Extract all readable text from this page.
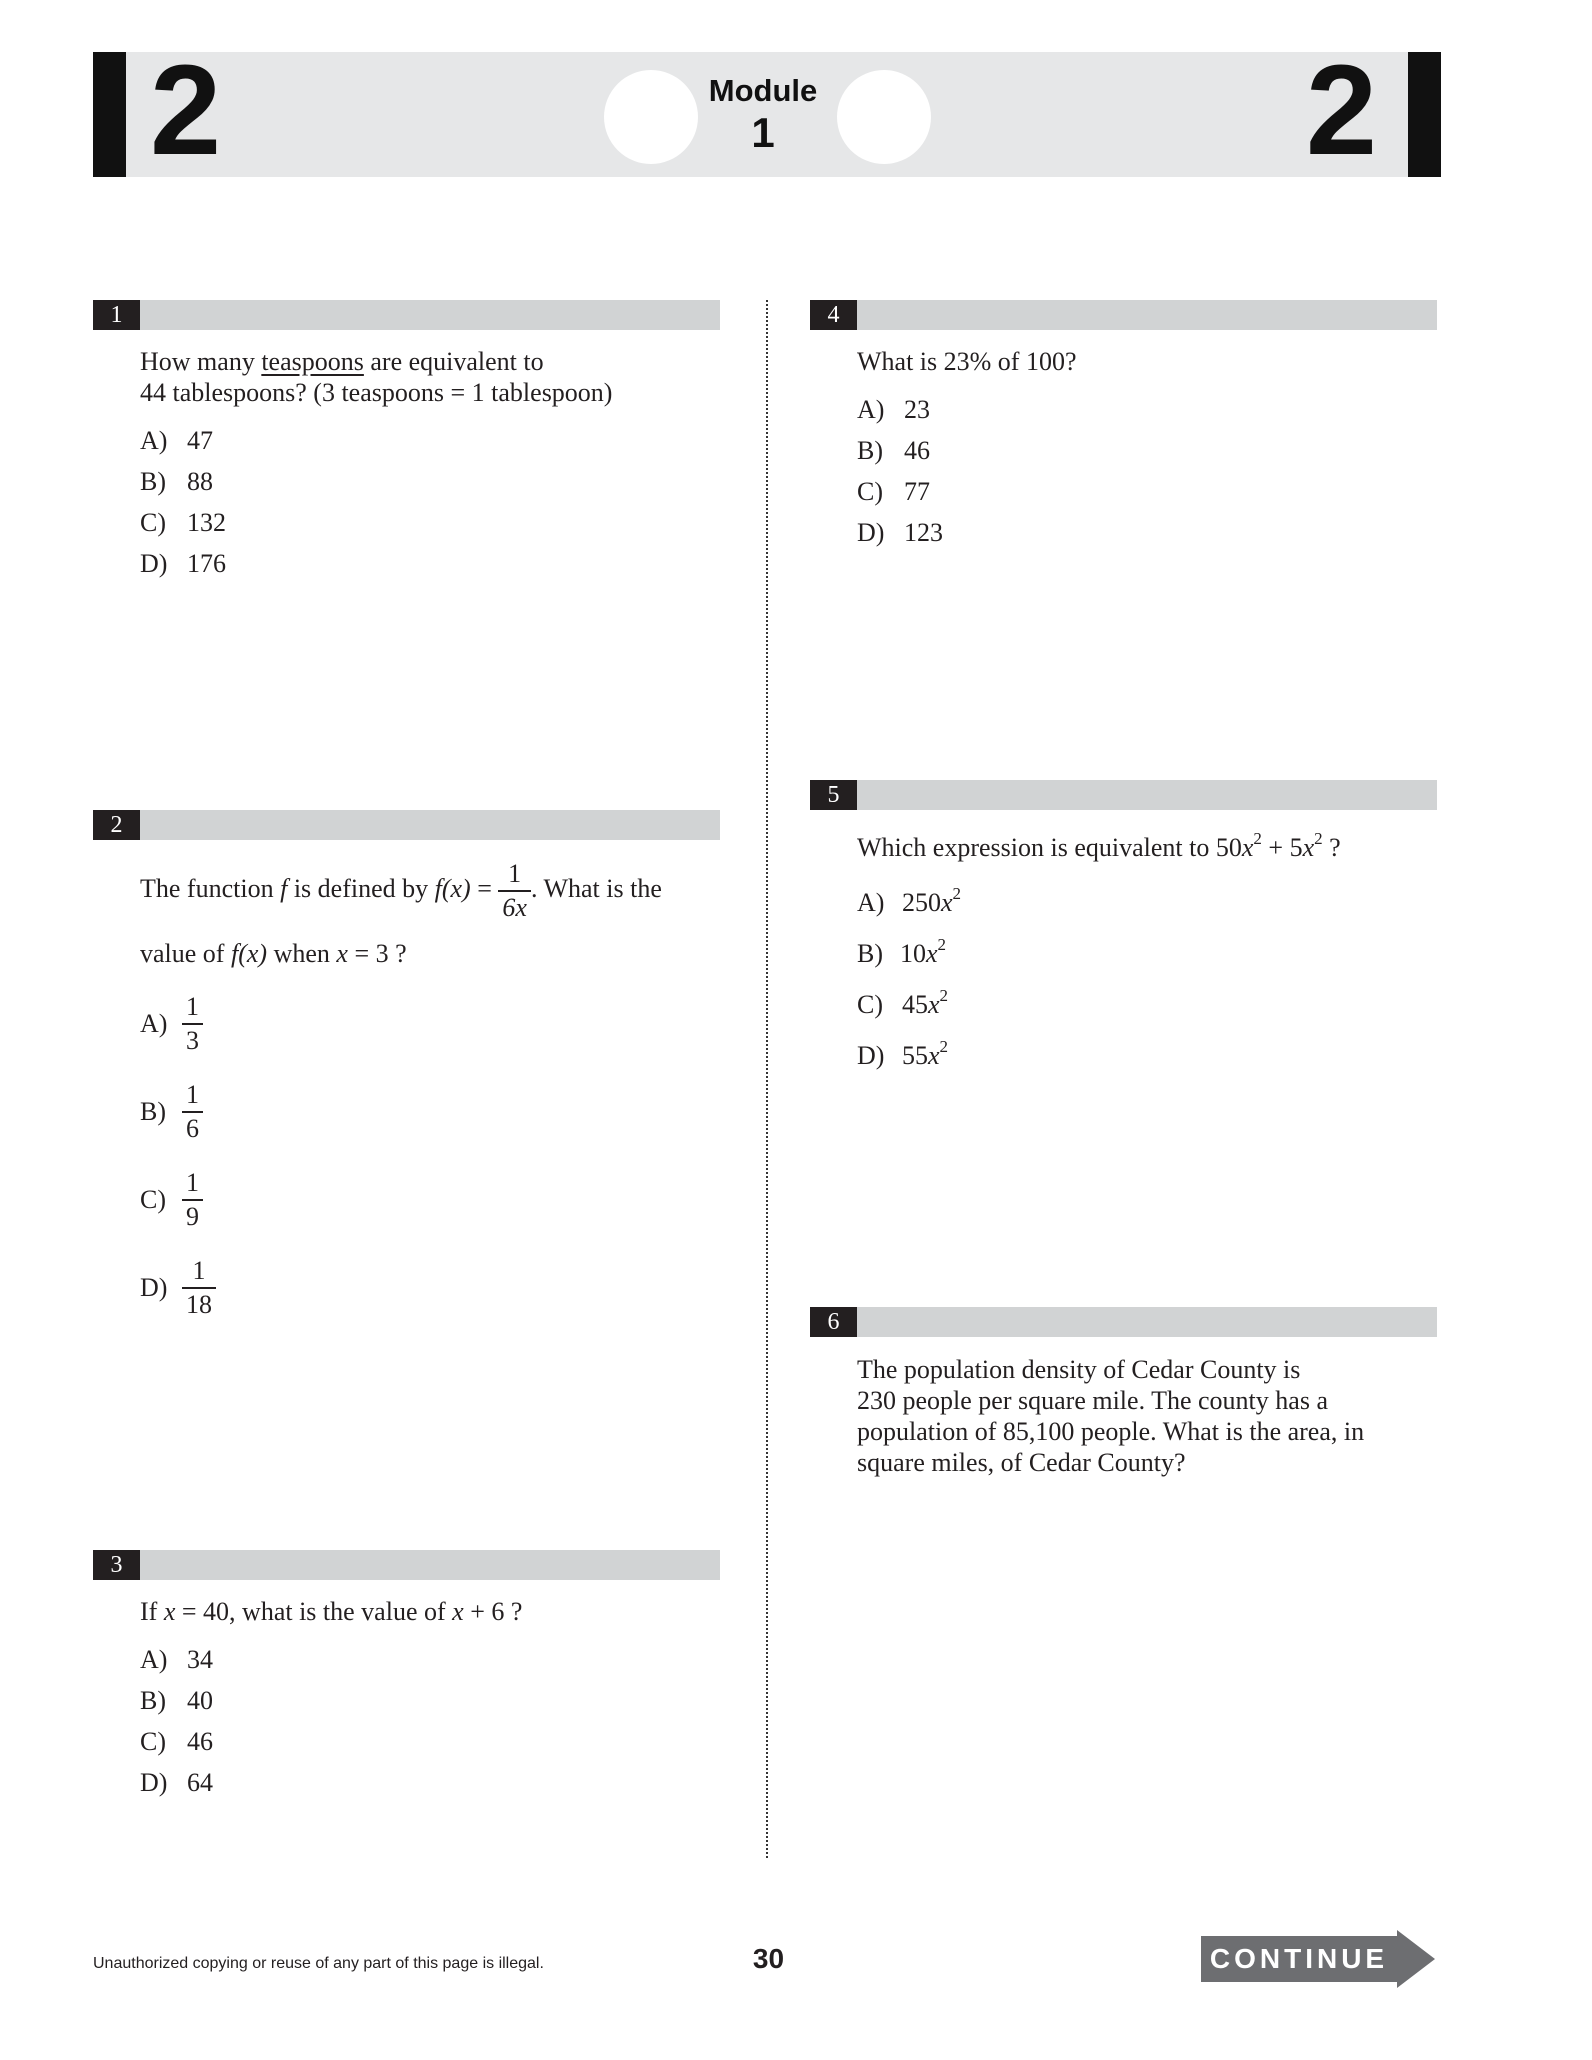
2	Module
1	2
1
How many teaspoons are equivalent to
44 tablespoons? (3 teaspoons = 1 tablespoon)
A) 47
B) 88
C) 132
D) 176
2
The function f is defined by $f(x) = \frac{1}{6x}$ . What is the
value of f(x) when x = 3 ?
$A) \frac{1}{3}$
$B) \frac{1}{6}$
$C) \frac{1}{9}$
$D) \frac{1}{18}$
3
If x = 40, what is the value of x + 6 ?
A) 34
B) 40
C) 46
D) 64
4
What is 23% of 100?
A) 23
B) 46
C) 77
D) 123
5
Which expression is equivalent to $50x^2 + 5x^2$ ?
A) $250x^2$
B) $10x^2$
C) $45x^2$
D) $55x^2$
6
The population density of Cedar County is
230 people per square mile. The county has a
population of 85,100 people. What is the area, in
square miles, of Cedar County?
Unauthorized copying or reuse of any part of this page is illegal.	30	CONTINUE
